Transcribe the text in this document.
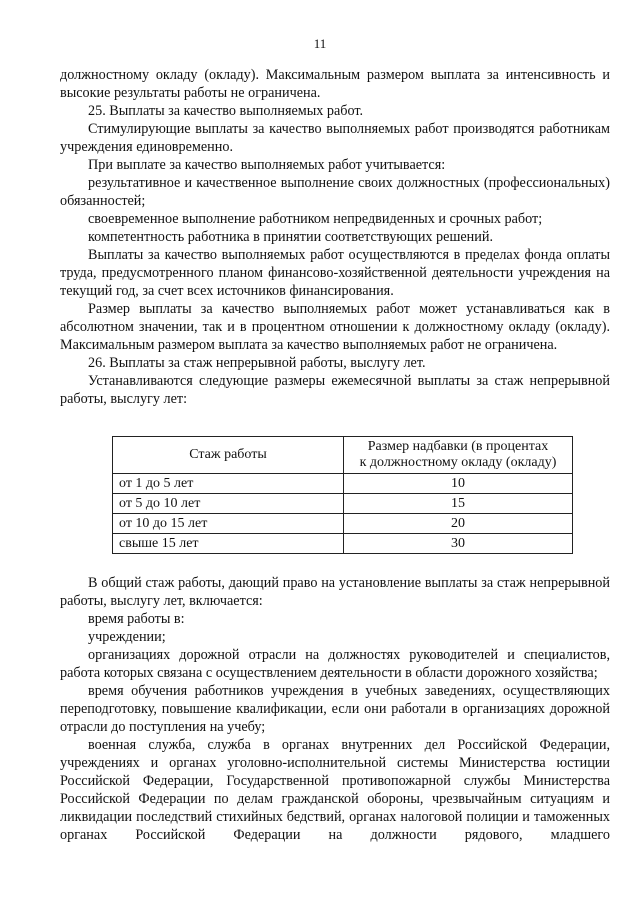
11

должностному окладу (окладу). Максимальным размером выплата за интенсивность и высокие результаты работы не ограничена.

25. Выплаты за качество выполняемых работ.

Стимулирующие выплаты за качество выполняемых работ производятся работникам учреждения единовременно.

При выплате за качество выполняемых работ учитывается:

результативное и качественное выполнение своих должностных (профессиональных) обязанностей;

своевременное выполнение работником непредвиденных и срочных работ;

компетентность работника в принятии соответствующих решений.

Выплаты за качество выполняемых работ осуществляются в пределах фонда оплаты труда, предусмотренного планом финансово-хозяйственной деятельности учреждения на текущий год, за счет всех источников финансирования.

Размер выплаты за качество выполняемых работ может устанавливаться как в абсолютном значении, так и в процентном отношении к должностному окладу (окладу). Максимальным размером выплата за качество выполняемых работ не ограничена.

26. Выплаты за стаж непрерывной работы, выслугу лет.

Устанавливаются следующие размеры ежемесячной выплаты за стаж непрерывной работы, выслугу лет:

Стаж работы	Размер надбавки (в процентах
к должностному окладу (окладу)

от 1 до 5 лет	10
от 5 до 10 лет	15
от 10 до 15 лет	20
свыше 15 лет	30

В общий стаж работы, дающий право на установление выплаты за стаж непрерывной работы, выслугу лет, включается:

время работы в:

учреждении;

организациях дорожной отрасли на должностях руководителей и специалистов, работа которых связана с осуществлением деятельности в области дорожного хозяйства;

время обучения работников учреждения в учебных заведениях, осуществляющих переподготовку, повышение квалификации, если они работали в организациях дорожной отрасли до поступления на учебу;

военная служба, служба в органах внутренних дел Российской Федерации, учреждениях и органах уголовно-исполнительной системы Министерства юстиции Российской Федерации, Государственной противопожарной службы Министерства Российской Федерации по делам гражданской обороны, чрезвычайным ситуациям и ликвидации последствий стихийных бедствий, органах налоговой полиции и таможенных органах Российской Федерации на должности рядового, младшего
